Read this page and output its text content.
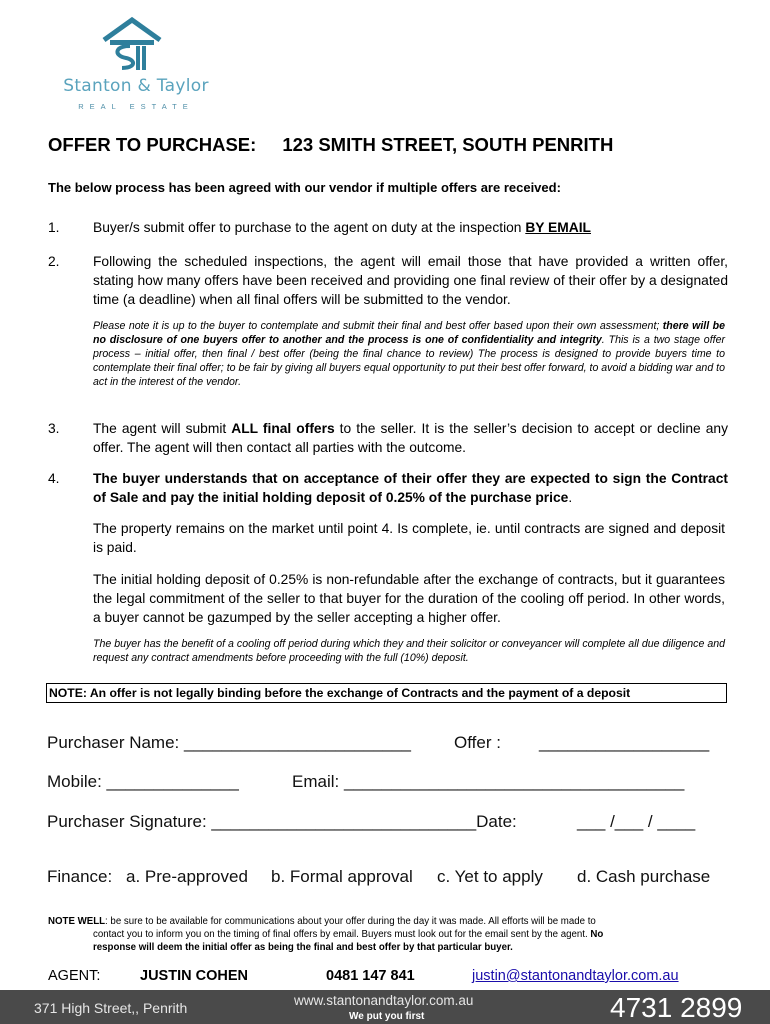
Stanton & Taylor
REAL ESTATE
OFFER TO PURCHASE: 123 SMITH STREET, SOUTH PENRITH
The below process has been agreed with our vendor if multiple offers are received:
1. Buyer/s submit offer to purchase to the agent on duty at the inspection BY EMAIL
2. Following the scheduled inspections, the agent will email those that have provided a written offer, stating how many offers have been received and providing one final review of their offer by a designated time (a deadline) when all final offers will be submitted to the vendor.
Please note it is up to the buyer to contemplate and submit their final and best offer based upon their own assessment; there will be no disclosure of one buyers offer to another and the process is one of confidentiality and integrity. This is a two stage offer process – initial offer, then final / best offer (being the final chance to review) The process is designed to provide buyers time to contemplate their final offer; to be fair by giving all buyers equal opportunity to put their best offer forward, to avoid a bidding war and to act in the interest of the vendor.
3. The agent will submit ALL final offers to the seller. It is the seller’s decision to accept or decline any offer. The agent will then contact all parties with the outcome.
4. The buyer understands that on acceptance of their offer they are expected to sign the Contract of Sale and pay the initial holding deposit of 0.25% of the purchase price.
The property remains on the market until point 4. Is complete, ie. until contracts are signed and deposit is paid.
The initial holding deposit of 0.25% is non-refundable after the exchange of contracts, but it guarantees the legal commitment of the seller to that buyer for the duration of the cooling off period. In other words, a buyer cannot be gazumped by the seller accepting a higher offer.
The buyer has the benefit of a cooling off period during which they and their solicitor or conveyancer will complete all due diligence and request any contract amendments before proceeding with the full (10%) deposit.
NOTE: An offer is not legally binding before the exchange of Contracts and the payment of a deposit
Purchaser Name: ________________________	Offer : __________________
Mobile: ______________	Email: ____________________________________
Purchaser Signature: ____________________________Date:	___ /___ / ____
Finance: a. Pre-approved b. Formal approval c. Yet to apply d. Cash purchase
NOTE WELL: be sure to be available for communications about your offer during the day it was made. All efforts will be made to
contact you to inform you on the timing of final offers by email. Buyers must look out for the email sent by the agent. No
response will deem the initial offer as being the final and best offer by that particular buyer.
AGENT:	JUSTIN COHEN	0481 147 841	justin@stantonandtaylor.com.au
371 High Street,, Penrith	www.stantonandtaylor.com.au
We put you first	4731 2899
